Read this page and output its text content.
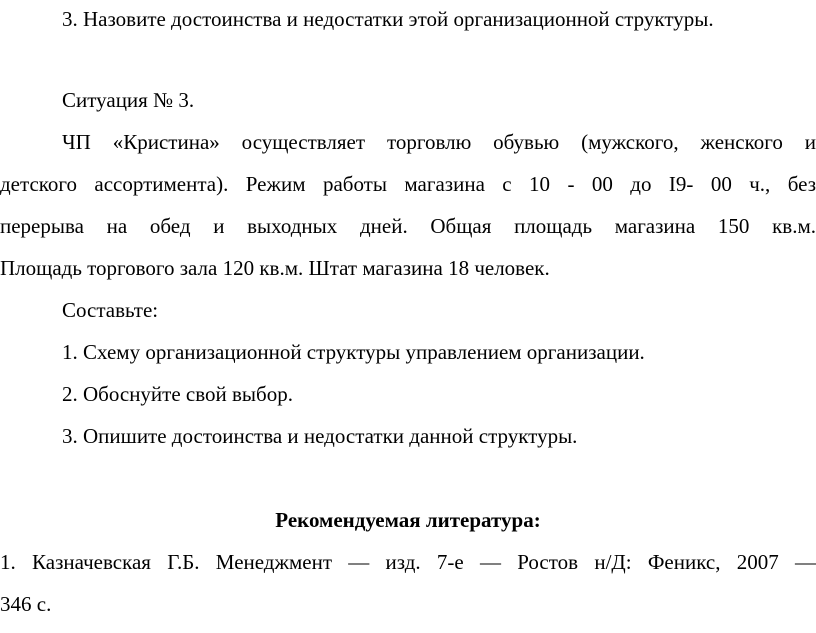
3. Назовите достоинства и недостатки этой организационной структуры.
Ситуация № 3.
ЧП «Кристина» осуществляет торговлю обувью (мужского, женского и
детского ассортимента). Режим работы магазина с 10 - 00 до I9- 00 ч., без
перерыва на обед и выходных дней. Общая площадь магазина 150 кв.м.
Площадь торгового зала 120 кв.м. Штат магазина 18 человек.
Составьте:
1. Схему организационной структуры управлением организации.
2. Обоснуйте свой выбор.
3. Опишите достоинства и недостатки данной структуры.
Рекомендуемая литература:
1. Казначевская Г.Б. Менеджмент — изд. 7-е — Ростов н/Д: Феникс, 2007 —
346 с.
